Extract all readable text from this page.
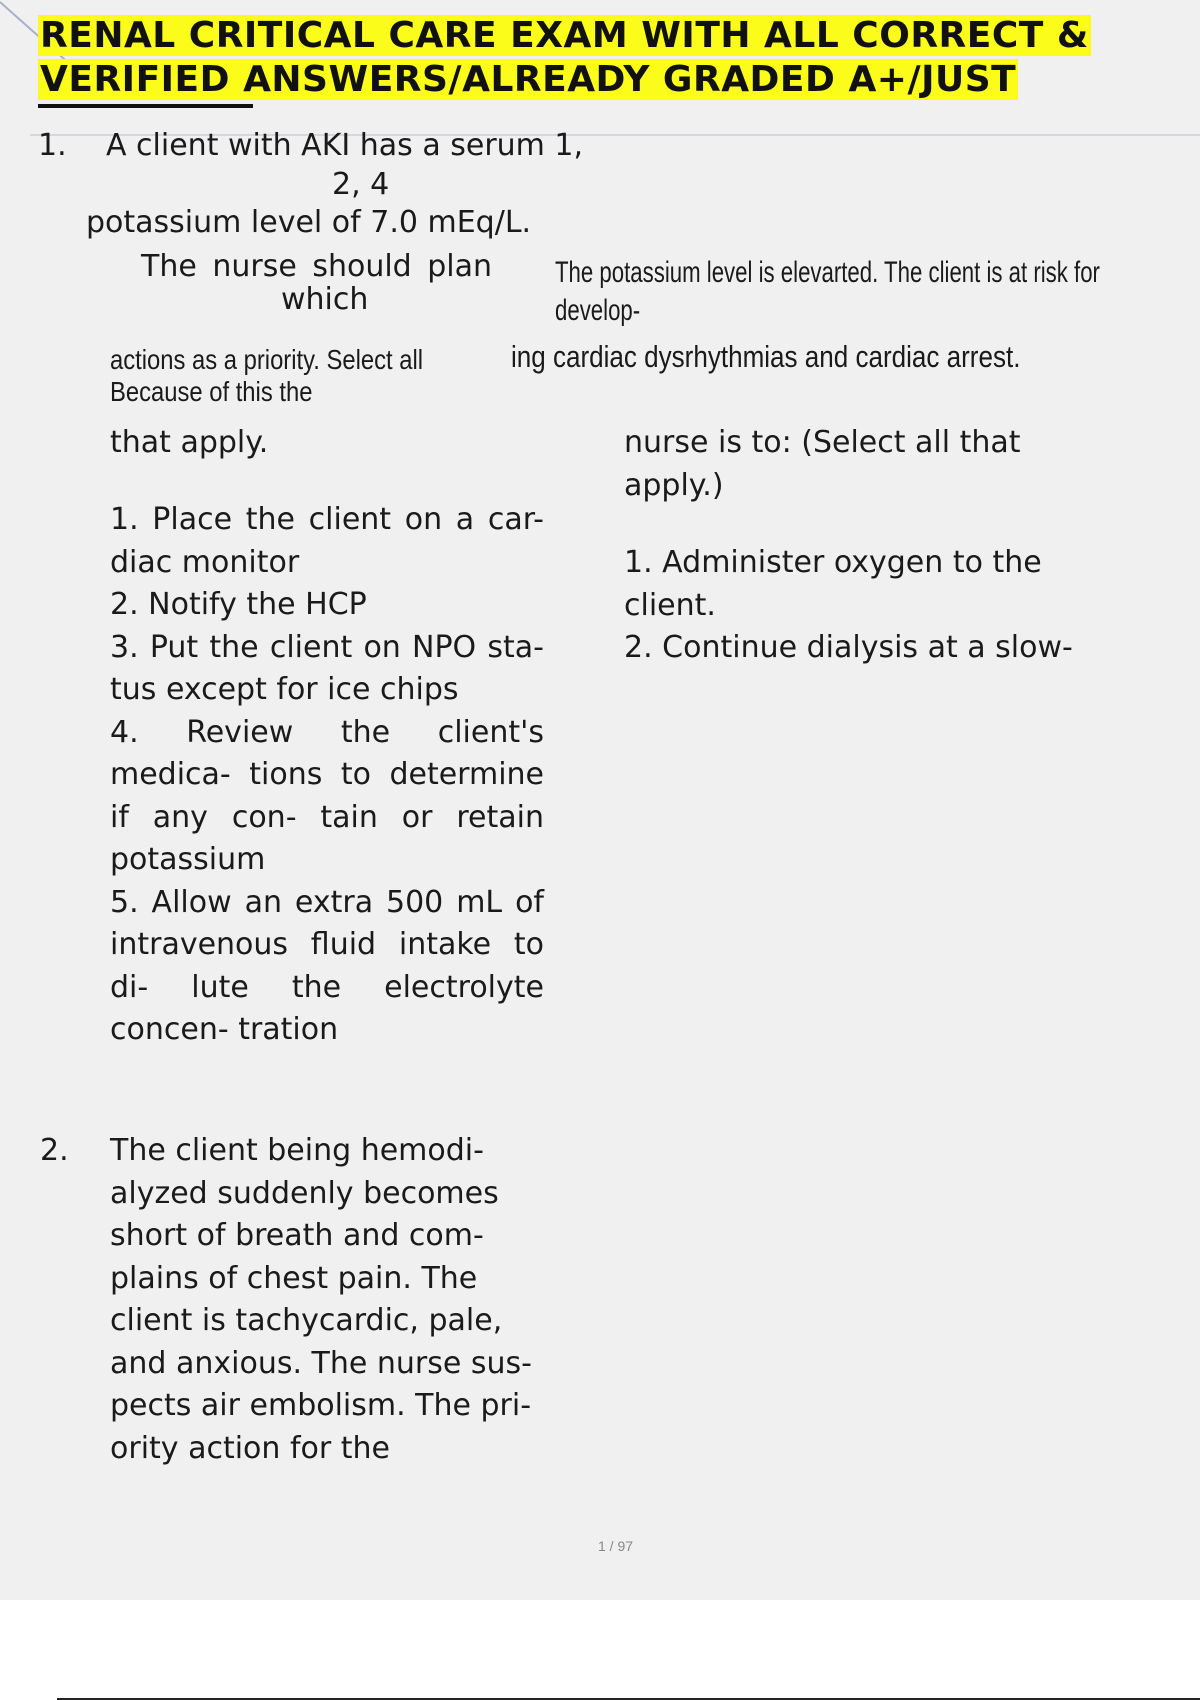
RENAL CRITICAL CARE EXAM WITH ALL CORRECT &
VERIFIED ANSWERS/ALREADY GRADED A+/JUST
1. A client with AKI has a serum 1,
2, 4
potassium level of 7.0 mEq/L.
The nurse should plan
which
actions as a priority. Select all
Because of this the
that apply.
The potassium level is elevarted. The client is at risk for
develop-
ing cardiac dysrhythmias and cardiac arrest.

1. Place the client on a car- diac monitor

2. Notify the HCP

3. Put the client on NPO sta- tus except for ice chips

4. Review the client's medica- tions to determine if any con- tain or retain potassium

5. Allow an extra 500 mL of intravenous fluid intake to di- lute the electrolyte concen- tration

nurse is to: (Select all that apply.)

1. Administer oxygen to the client.

2. Continue dialysis at a slow-

2. The client being hemodi- alyzed suddenly becomes short of breath and com- plains of chest pain. The client is tachycardic, pale, and anxious. The nurse sus- pects air embolism. The pri- ority action for the
1 / 97
